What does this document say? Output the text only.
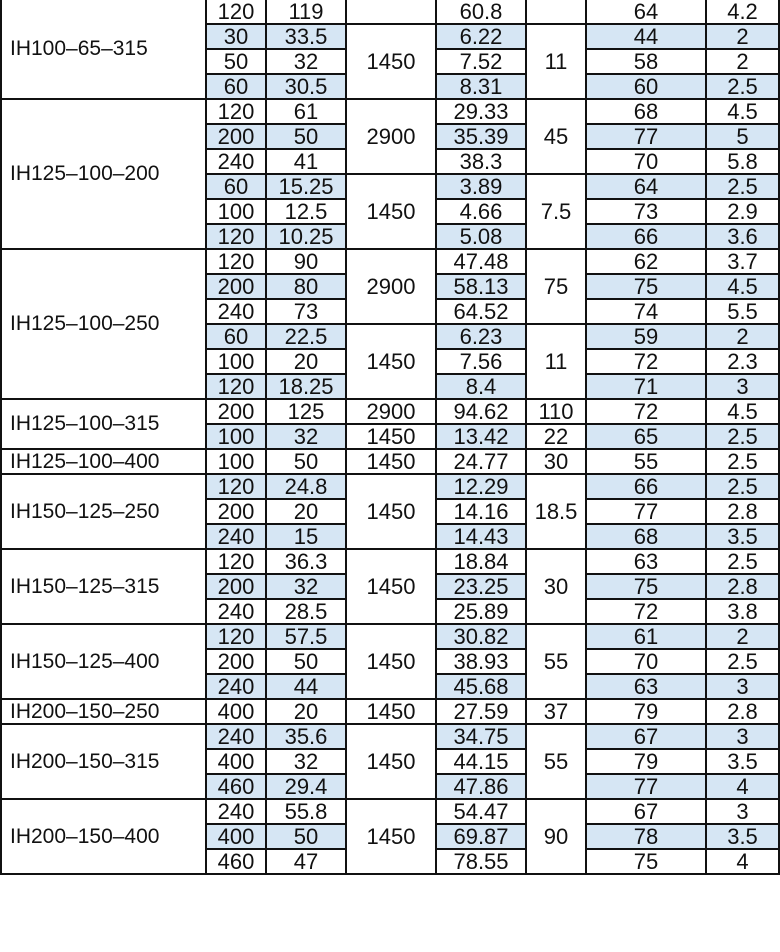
IH100–65–315	120	119		60.8		64	4.2
	30	33.5	1450	6.22	11	44	2
	50	32		7.52		58	2
	60	30.5		8.31		60	2.5
IH125–100–200	120	61	2900	29.33	45	68	4.5
	200	50		35.39		77	5
	240	41		38.3		70	5.8
	60	15.25	1450	3.89	7.5	64	2.5
	100	12.5		4.66		73	2.9
	120	10.25		5.08		66	3.6
IH125–100–250	120	90	2900	47.48	75	62	3.7
	200	80		58.13		75	4.5
	240	73		64.52		74	5.5
	60	22.5	1450	6.23	11	59	2
	100	20		7.56		72	2.3
	120	18.25		8.4		71	3
IH125–100–315	200	125	2900	94.62	110	72	4.5
	100	32	1450	13.42	22	65	2.5
IH125–100–400	100	50	1450	24.77	30	55	2.5
IH150–125–250	120	24.8	1450	12.29	18.5	66	2.5
	200	20		14.16		77	2.8
	240	15		14.43		68	3.5
IH150–125–315	120	36.3	1450	18.84	30	63	2.5
	200	32		23.25		75	2.8
	240	28.5		25.89		72	3.8
IH150–125–400	120	57.5	1450	30.82	55	61	2
	200	50		38.93		70	2.5
	240	44		45.68		63	3
IH200–150–250	400	20	1450	27.59	37	79	2.8
IH200–150–315	240	35.6	1450	34.75	55	67	3
	400	32		44.15		79	3.5
	460	29.4		47.86		77	4
IH200–150–400	240	55.8	1450	54.47	90	67	3
	400	50		69.87		78	3.5
	460	47		78.55		75	4
